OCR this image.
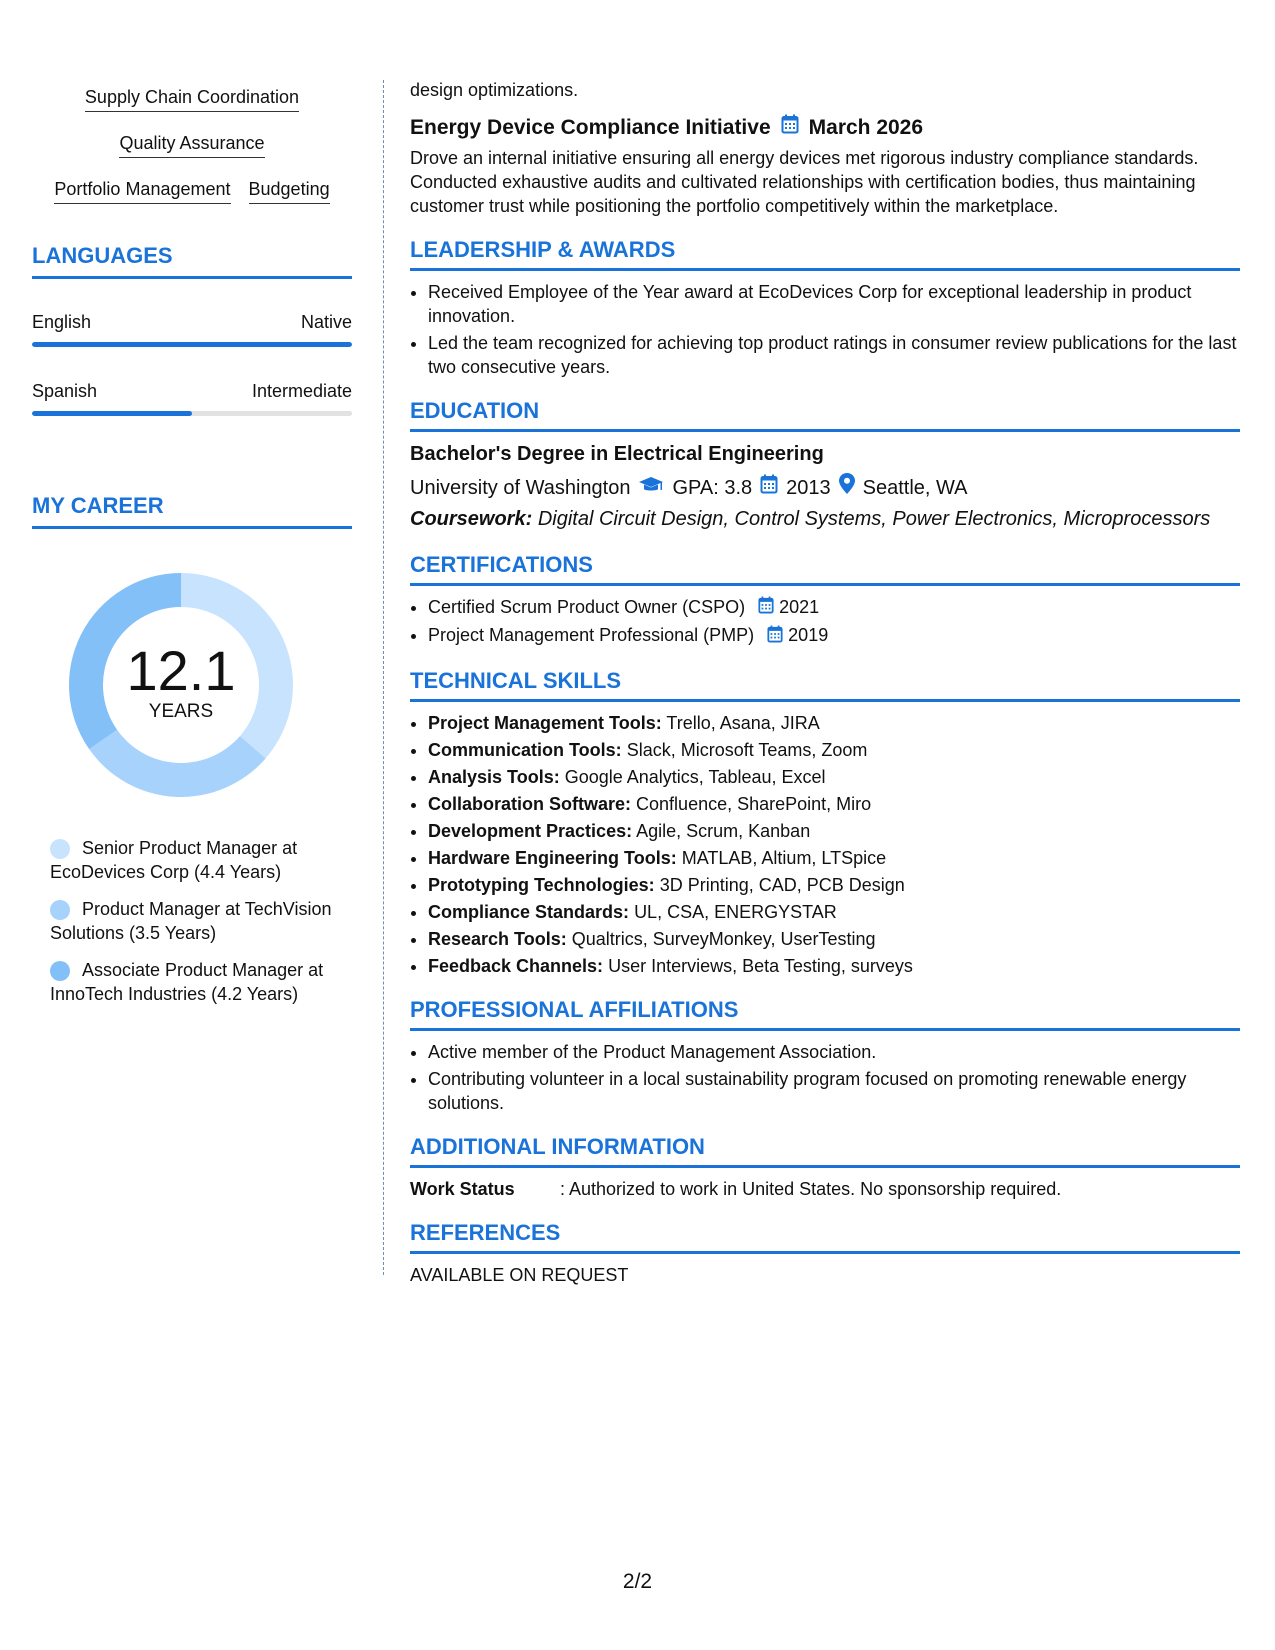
Supply Chain Coordination
Quality Assurance
Portfolio Management Budgeting
LANGUAGES
English	Native
Spanish	Intermediate
MY CAREER
12.1
YEARS
Senior Product Manager at EcoDevices Corp (4.4 Years)
Product Manager at TechVision Solutions (3.5 Years)
Associate Product Manager at InnoTech Industries (4.2 Years)

design optimizations.

Energy Device Compliance Initiative March 2026

Drove an internal initiative ensuring all energy devices met rigorous industry compliance standards. Conducted exhaustive audits and cultivated relationships with certification bodies, thus maintaining customer trust while positioning the portfolio competitively within the marketplace.

LEADERSHIP & AWARDS
• Received Employee of the Year award at EcoDevices Corp for exceptional leadership in product innovation.
• Led the team recognized for achieving top product ratings in consumer review publications for the last two consecutive years.
EDUCATION
Bachelor's Degree in Electrical Engineering
University of Washington GPA: 3.8 2013 Seattle, WA
Coursework: Digital Circuit Design, Control Systems, Power Electronics, Microprocessors
CERTIFICATIONS
• Certified Scrum Product Owner (CSPO) 2021
• Project Management Professional (PMP) 2019
TECHNICAL SKILLS
• Project Management Tools: Trello, Asana, JIRA
• Communication Tools: Slack, Microsoft Teams, Zoom
• Analysis Tools: Google Analytics, Tableau, Excel
• Collaboration Software: Confluence, SharePoint, Miro
• Development Practices: Agile, Scrum, Kanban
• Hardware Engineering Tools: MATLAB, Altium, LTSpice
• Prototyping Technologies: 3D Printing, CAD, PCB Design
• Compliance Standards: UL, CSA, ENERGYSTAR
• Research Tools: Qualtrics, SurveyMonkey, UserTesting
• Feedback Channels: User Interviews, Beta Testing, surveys
PROFESSIONAL AFFILIATIONS
• Active member of the Product Management Association.
• Contributing volunteer in a local sustainability program focused on promoting renewable energy solutions.
ADDITIONAL INFORMATION
Work Status	: Authorized to work in United States. No sponsorship required.
REFERENCES

AVAILABLE ON REQUEST

2/2
